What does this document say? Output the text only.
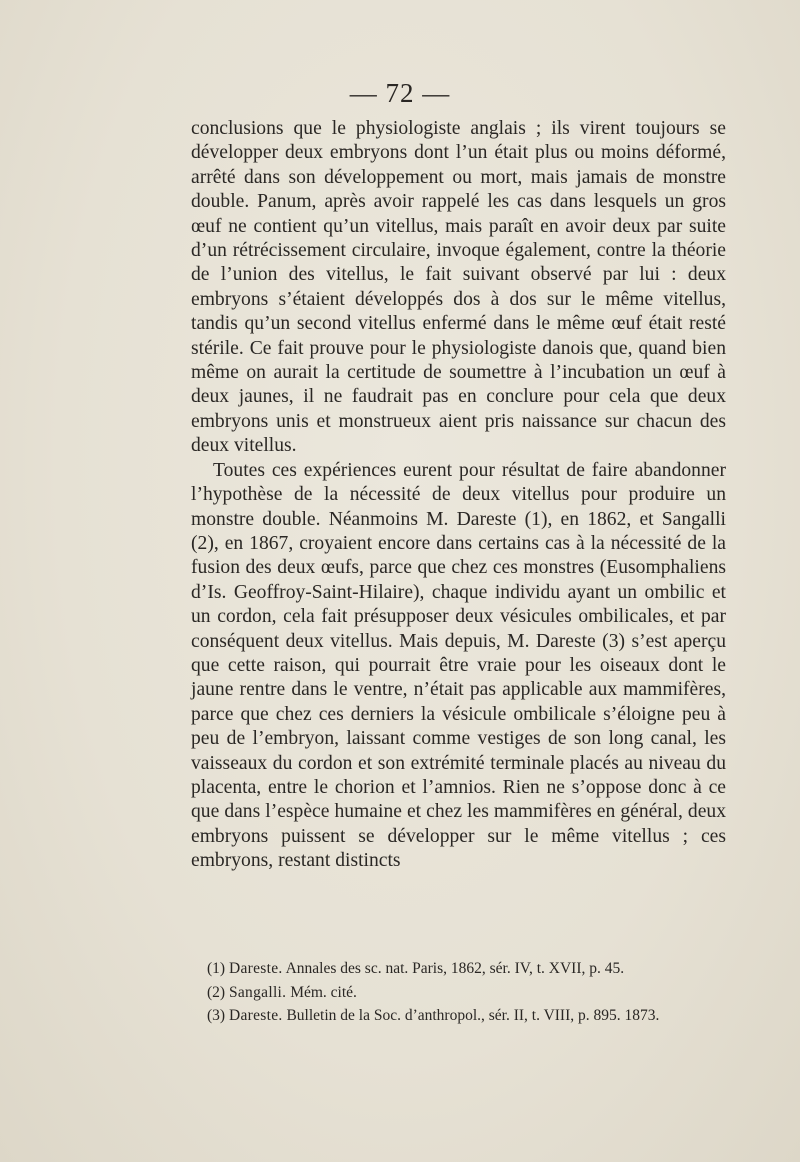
— 72 —

conclusions que le physiologiste anglais ; ils virent toujours se développer deux embryons dont l’un était plus ou moins déformé, arrêté dans son développement ou mort, mais jamais de monstre double. Panum, après avoir rappelé les cas dans lesquels un gros œuf ne contient qu’un vitellus, mais paraît en avoir deux par suite d’un rétrécissement circulaire, invoque également, contre la théorie de l’union des vitellus, le fait suivant observé par lui : deux embryons s’étaient développés dos à dos sur le même vitellus, tandis qu’un second vitellus enfermé dans le même œuf était resté stérile. Ce fait prouve pour le physiologiste danois que, quand bien même on aurait la certitude de soumettre à l’incubation un œuf à deux jaunes, il ne faudrait pas en conclure pour cela que deux embryons unis et monstrueux aient pris naissance sur chacun des deux vitellus.

Toutes ces expériences eurent pour résultat de faire abandonner l’hypothèse de la nécessité de deux vitellus pour produire un monstre double. Néanmoins M. Dareste (1), en 1862, et Sangalli (2), en 1867, croyaient encore dans certains cas à la nécessité de la fusion des deux œufs, parce que chez ces monstres (Eusomphaliens d’Is. Geoffroy-Saint-Hilaire), chaque individu ayant un ombilic et un cordon, cela fait présupposer deux vésicules ombilicales, et par conséquent deux vitellus. Mais depuis, M. Dareste (3) s’est aperçu que cette raison, qui pourrait être vraie pour les oiseaux dont le jaune rentre dans le ventre, n’était pas applicable aux mammifères, parce que chez ces derniers la vésicule ombilicale s’éloigne peu à peu de l’embryon, laissant comme vestiges de son long canal, les vaisseaux du cordon et son extrémité terminale placés au niveau du placenta, entre le chorion et l’amnios. Rien ne s’oppose donc à ce que dans l’espèce humaine et chez les mammifères en général, deux embryons puissent se développer sur le même vitellus ; ces embryons, restant distincts

(1) Dareste. Annales des sc. nat. Paris, 1862, sér. IV, t. XVII, p. 45.

(2) Sangalli. Mém. cité.

(3) Dareste. Bulletin de la Soc. d’anthropol., sér. II, t. VIII, p. 895. 1873.
